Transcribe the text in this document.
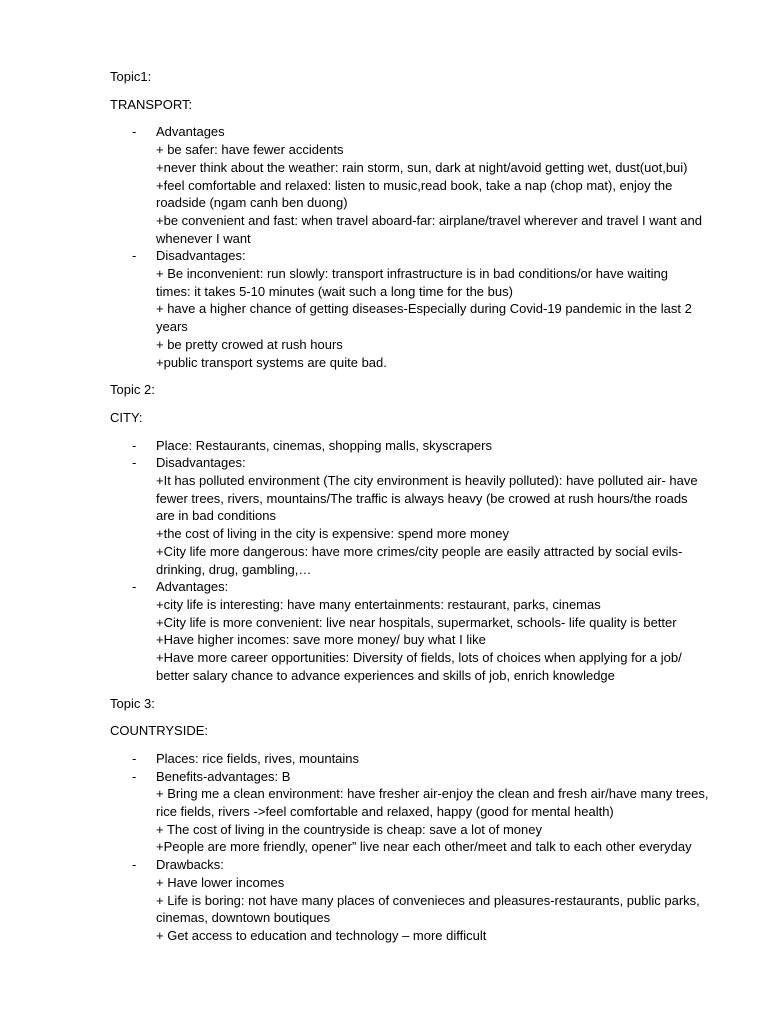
Topic1:

TRANSPORT:

- Advantages
+ be safer: have fewer accidents
+never think about the weather: rain storm, sun, dark at night/avoid getting wet, dust(uot,bui)
+feel comfortable and relaxed: listen to music,read book, take a nap (chop mat), enjoy the
roadside (ngam canh ben duong)
+be convenient and fast: when travel aboard-far: airplane/travel wherever and travel I want and
whenever I want
- Disadvantages:
+ Be inconvenient: run slowly: transport infrastructure is in bad conditions/or have waiting
times: it takes 5-10 minutes (wait such a long time for the bus)
+ have a higher chance of getting diseases-Especially during Covid-19 pandemic in the last 2
years
+ be pretty crowed at rush hours
+public transport systems are quite bad.

Topic 2:

CITY:

- Place: Restaurants, cinemas, shopping malls, skyscrapers
- Disadvantages:
+It has polluted environment (The city environment is heavily polluted): have polluted air- have
fewer trees, rivers, mountains/The traffic is always heavy (be crowed at rush hours/the roads
are in bad conditions
+the cost of living in the city is expensive: spend more money
+City life more dangerous: have more crimes/city people are easily attracted by social evils-
drinking, drug, gambling,…
- Advantages:
+city life is interesting: have many entertainments: restaurant, parks, cinemas
+City life is more convenient: live near hospitals, supermarket, schools- life quality is better
+Have higher incomes: save more money/ buy what I like
+Have more career opportunities: Diversity of fields, lots of choices when applying for a job/
better salary chance to advance experiences and skills of job, enrich knowledge

Topic 3:

COUNTRYSIDE:

- Places: rice fields, rives, mountains
- Benefits-advantages: B
+ Bring me a clean environment: have fresher air-enjoy the clean and fresh air/have many trees,
rice fields, rivers ->feel comfortable and relaxed, happy (good for mental health)
+ The cost of living in the countryside is cheap: save a lot of money
+People are more friendly, opener” live near each other/meet and talk to each other everyday
- Drawbacks:
+ Have lower incomes
+ Life is boring: not have many places of convenieces and pleasures-restaurants, public parks,
cinemas, downtown boutiques
+ Get access to education and technology – more difficult
